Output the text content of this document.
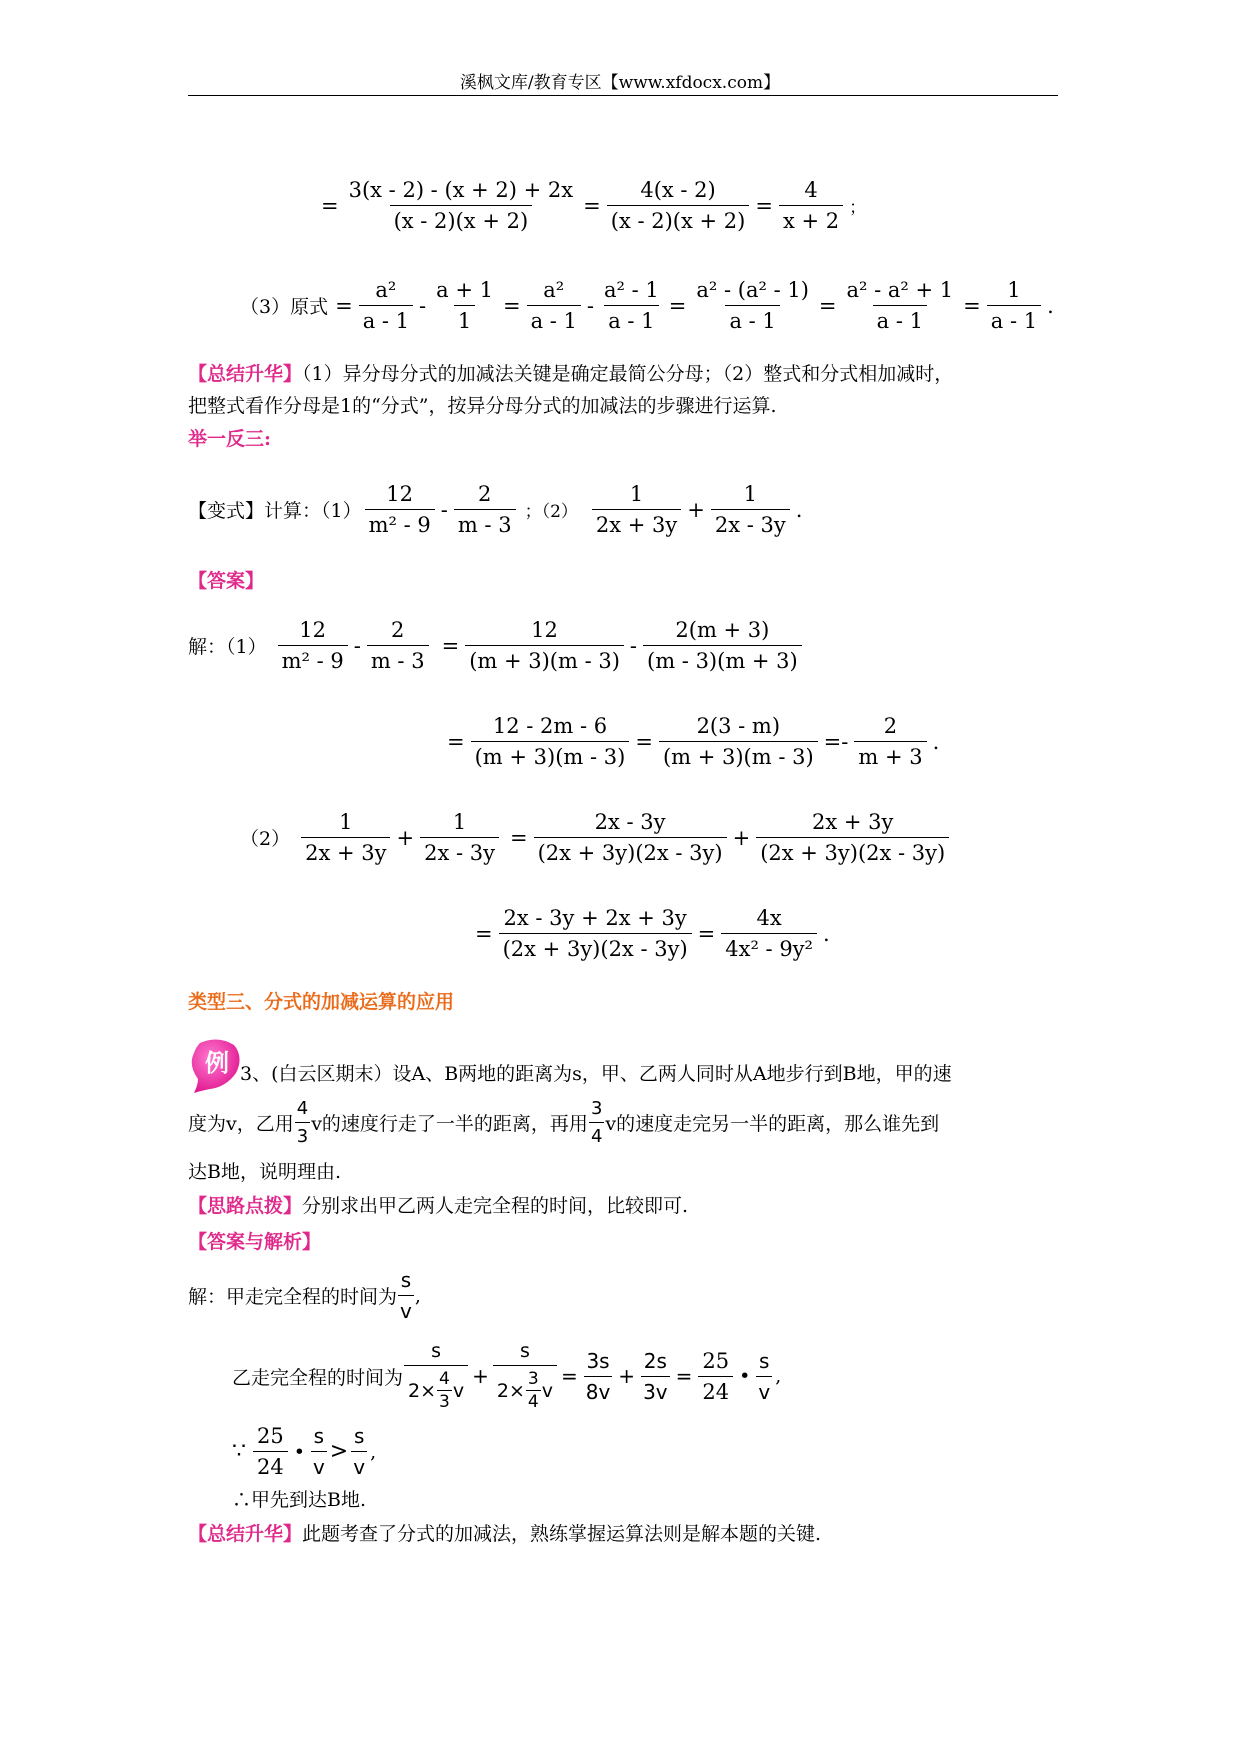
溪枫文库/教育专区【www.xfdocx.com】
= $\frac{3(x - 2) - (x + 2) + 2x}{(x - 2)(x + 2)} = \frac{4(x - 2)}{(x - 2)(x + 2)} = \frac{4}{x + 2}$ ；
（3）原式 = $\frac{\text{a²}}{a - 1} - \frac{a + 1}{1} = \frac{\text{a²}}{a - 1} - \frac{\text{a² - 1}}{a - 1} = \frac{\text{a² - (a² - 1)}}{a - 1} = \frac{\text{a² - a² + 1}}{a - 1} = \frac{1}{a - 1}$ .
【总结升华】（1）异分母分式的加减法关键是确定最简公分母；（2）整式和分式相加减时，
把整式看作分母是1的“分式”，按异分母分式的加减法的步骤进行运算.
举一反三:
【变式】计算：$(1) \frac{12}{\text{m² - 9}} - \frac{2}{m - 3}$ ；$(2) \frac{1}{2x + 3y} + \frac{1}{2x - 3y}$ .
【答案】
解：$(1) \frac{12}{\text{m² - 9}} - \frac{2}{m - 3} = \frac{12}{(m + 3)(m - 3)} - \frac{2(m + 3)}{(m - 3)(m + 3)}$
= $\frac{12 - 2m - 6}{(m + 3)(m - 3)} = \frac{2(3 - m)}{(m + 3)(m - 3)} =- \frac{2}{m + 3}$ .
$(2) \frac{1}{2x + 3y} + \frac{1}{2x - 3y} = \frac{2x - 3y}{(2x + 3y)(2x - 3y)} + \frac{2x + 3y}{(2x + 3y)(2x - 3y)}$
= $\frac{2x - 3y + 2x + 3y}{(2x + 3y)(2x - 3y)} = \frac{4x}{\text{4x² - 9y²}}$ .
类型三、分式的加减运算的应用
例 3、(白云区期末）设A、B两地的距离为s，甲、乙两人同时从A地步行到B地，甲的速
度为v，乙用 $\frac{4}{3}$ v的速度行走了一半的距离，再用 $\frac{3}{4}$ v的速度走完另一半的距离，那么谁先到
达B地，说明理由.
【思路点拨】分别求出甲乙两人走完全程的时间，比较即可.
【答案与解析】
解：甲走完全程的时间为 $\frac{s}{v}$ ,
乙走完全程的时间为 $\frac{s}{2\times \frac{4}{3} v} + \frac{s}{2\times \frac{3}{4} v} = \frac{3s}{8v} + \frac{2s}{3v} = \frac{25}{24}$ • $\frac{s}{v}$ ,
∵ $\frac{25}{24}$ • $\frac{s}{v} > \frac{s}{v}$ ,
∴甲先到达B地.
【总结升华】此题考查了分式的加减法，熟练掌握运算法则是解本题的关键.
